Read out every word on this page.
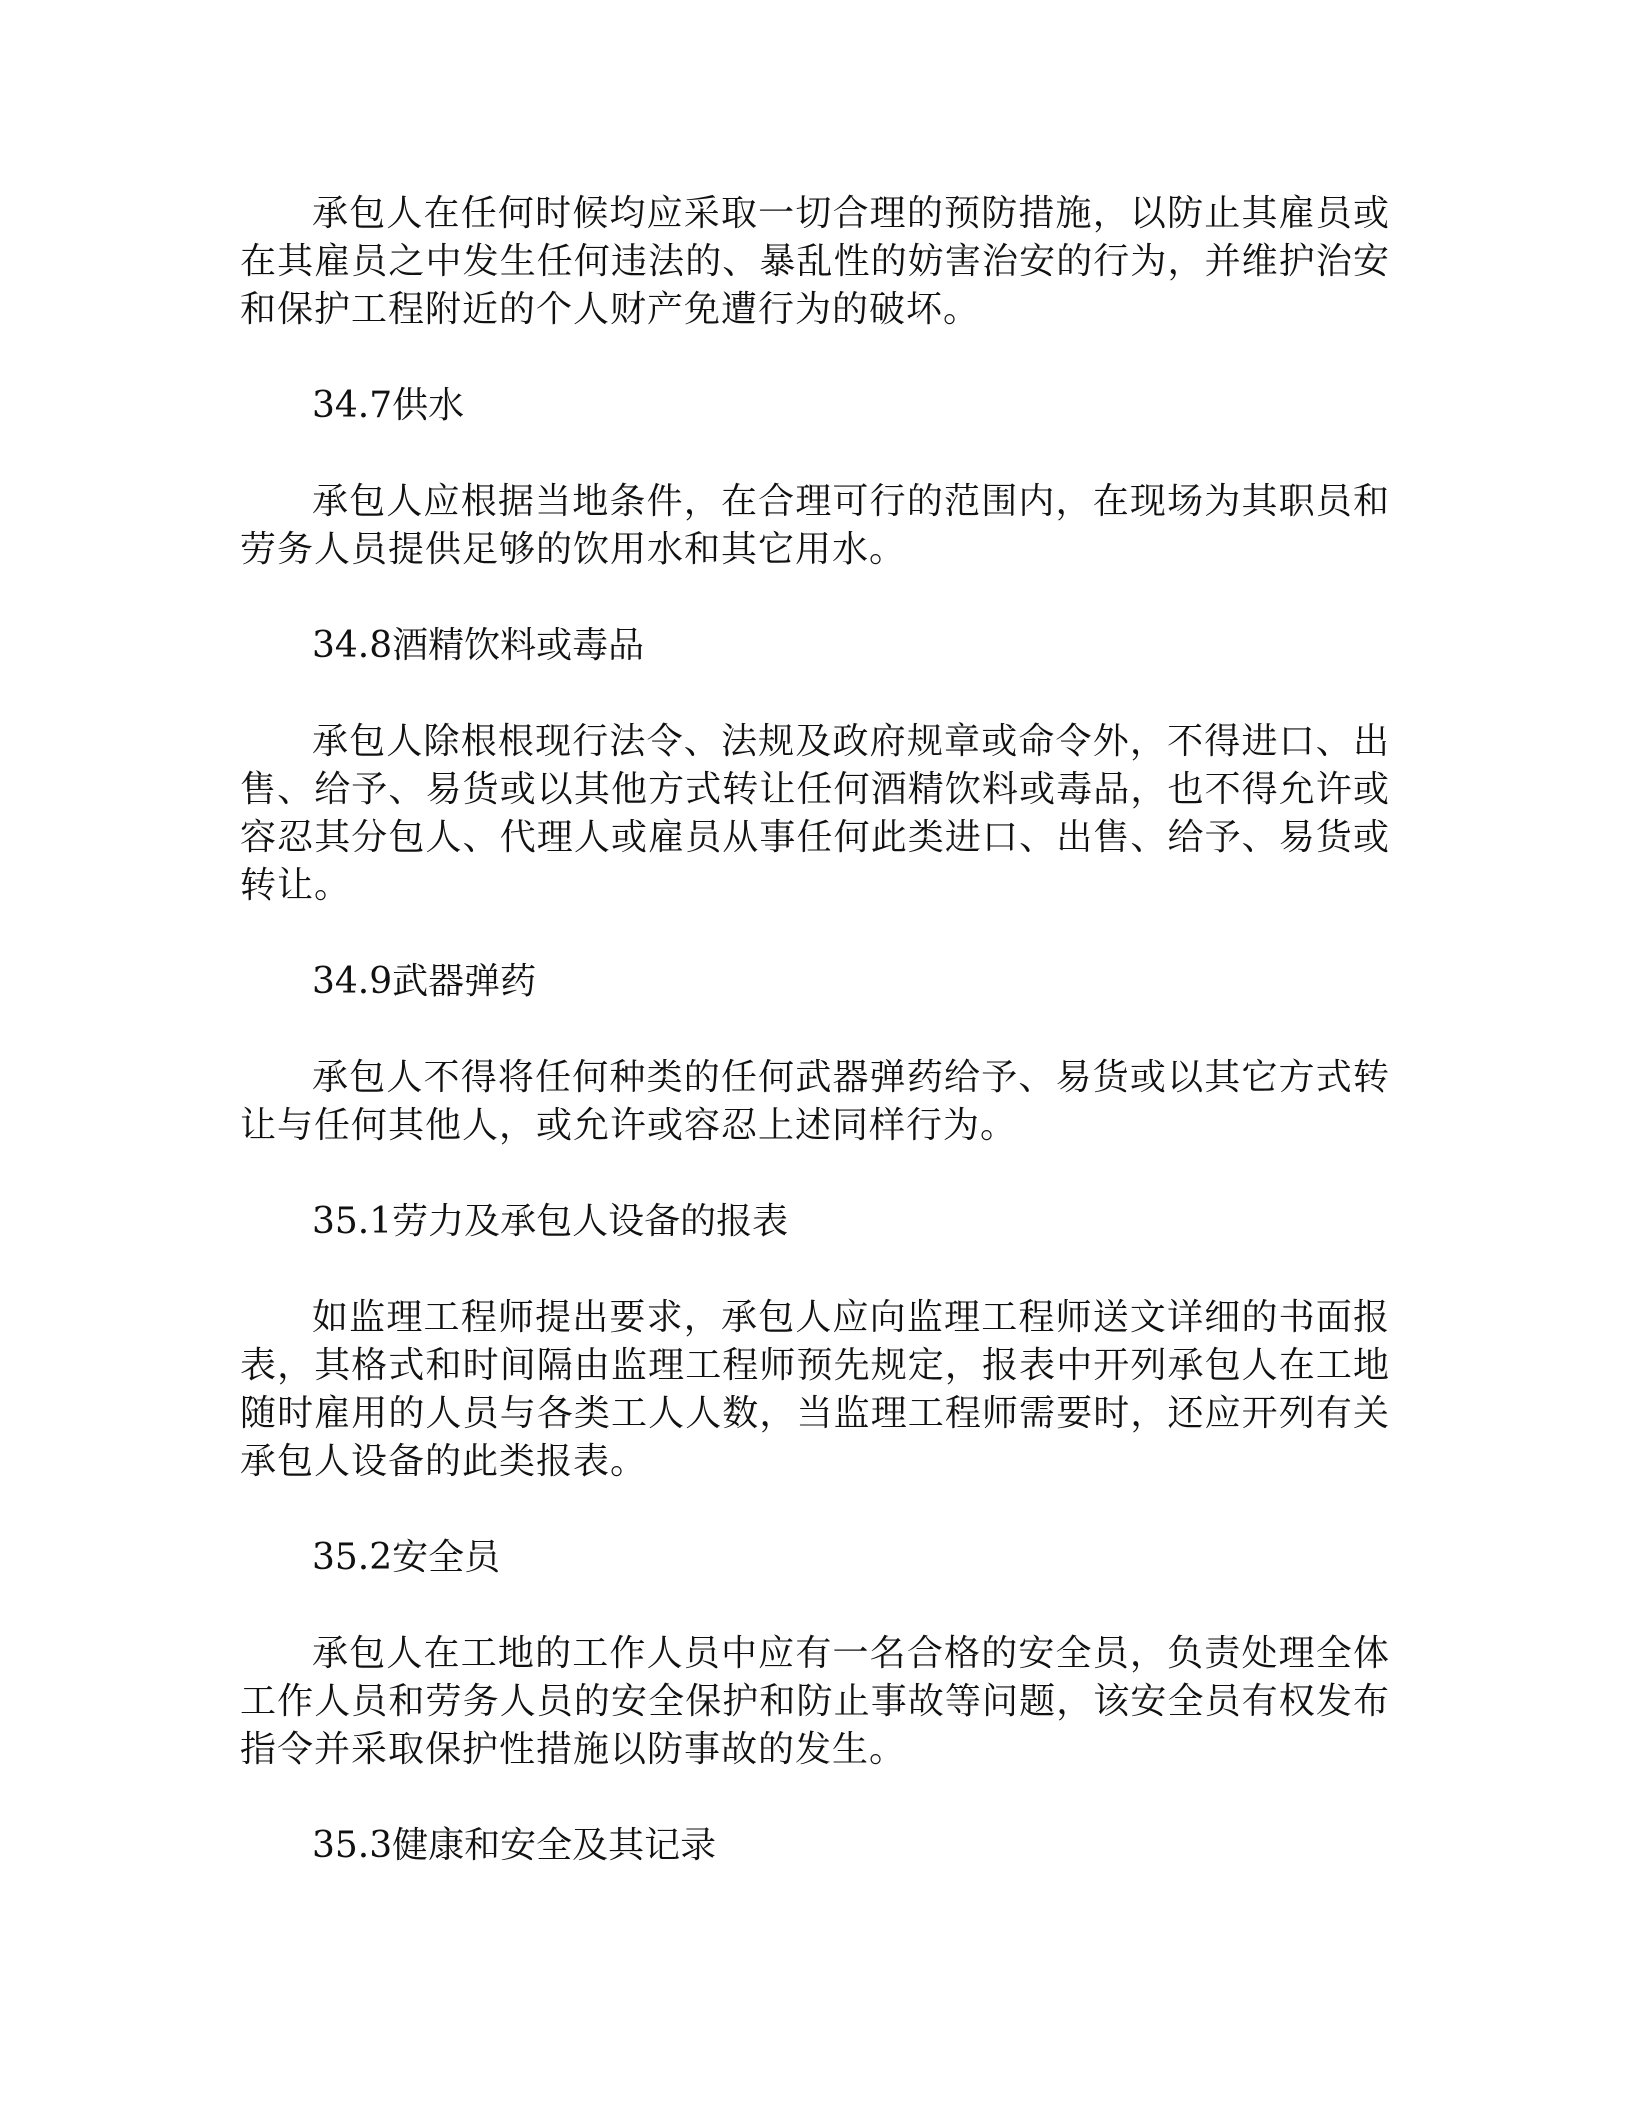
承包人在任何时候均应采取一切合理的预防措施，以防止其雇员或在其雇员之中发生任何违法的、暴乱性的妨害治安的行为，并维护治安和保护工程附近的个人财产免遭行为的破坏。

34.7供水

承包人应根据当地条件，在合理可行的范围内，在现场为其职员和劳务人员提供足够的饮用水和其它用水。

34.8酒精饮料或毒品

承包人除根根现行法令、法规及政府规章或命令外，不得进口、出售、给予、易货或以其他方式转让任何酒精饮料或毒品，也不得允许或容忍其分包人、代理人或雇员从事任何此类进口、出售、给予、易货或转让。

34.9武器弹药

承包人不得将任何种类的任何武器弹药给予、易货或以其它方式转让与任何其他人，或允许或容忍上述同样行为。

35.1劳力及承包人设备的报表

如监理工程师提出要求，承包人应向监理工程师送文详细的书面报表，其格式和时间隔由监理工程师预先规定，报表中开列承包人在工地随时雇用的人员与各类工人人数，当监理工程师需要时，还应开列有关承包人设备的此类报表。

35.2安全员

承包人在工地的工作人员中应有一名合格的安全员，负责处理全体工作人员和劳务人员的安全保护和防止事故等问题，该安全员有权发布指令并采取保护性措施以防事故的发生。

35.3健康和安全及其记录
